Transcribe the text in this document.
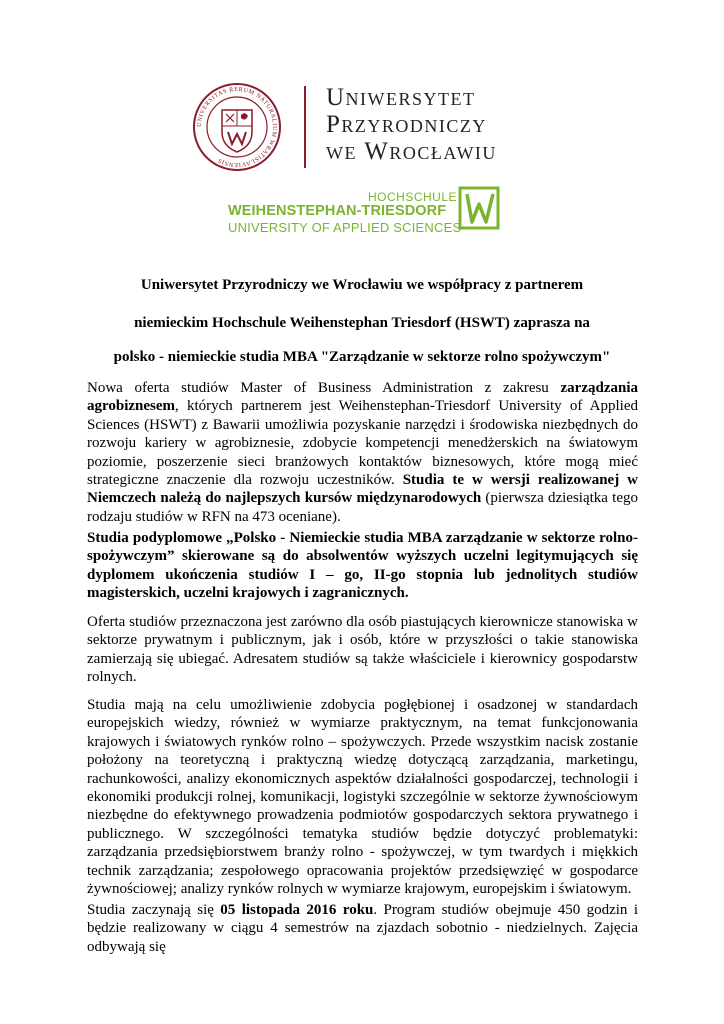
UNIVERSITAS RERUM NATURALIUM WRATISLAVIENSIS
Uniwersytet
Przyrodniczy
we Wrocławiu
HOCHSCHULE
WEIHENSTEPHAN-TRIESDORF
UNIVERSITY OF APPLIED SCIENCES
Uniwersytet Przyrodniczy we Wrocławiu we współpracy z partnerem
niemieckim Hochschule Weihenstephan Triesdorf (HSWT) zaprasza na
polsko - niemieckie studia MBA "Zarządzanie w sektorze rolno spożywczym"
Nowa oferta studiów Master of Business Administration z zakresu zarządzania agrobiznesem, których partnerem jest Weihenstephan-Triesdorf University of Applied Sciences (HSWT) z Bawarii umożliwia pozyskanie narzędzi i środowiska niezbędnych do rozwoju kariery w agrobiznesie, zdobycie kompetencji menedżerskich na światowym poziomie, poszerzenie sieci branżowych kontaktów biznesowych, które mogą mieć strategiczne znaczenie dla rozwoju uczestników. Studia te w wersji realizowanej w Niemczech należą do najlepszych kursów międzynarodowych (pierwsza dziesiątka tego rodzaju studiów w RFN na 473 oceniane).
Studia podyplomowe „Polsko - Niemieckie studia MBA zarządzanie w sektorze rolno-spożywczym” skierowane są do absolwentów wyższych uczelni legitymujących się dyplomem ukończenia studiów I – go, II-go stopnia lub jednolitych studiów magisterskich, uczelni krajowych i zagranicznych.
Oferta studiów przeznaczona jest zarówno dla osób piastujących kierownicze stanowiska w sektorze prywatnym i publicznym, jak i osób, które w przyszłości o takie stanowiska zamierzają się ubiegać. Adresatem studiów są także właściciele i kierownicy gospodarstw rolnych.
Studia mają na celu umożliwienie zdobycia pogłębionej i osadzonej w standardach europejskich wiedzy, również w wymiarze praktycznym, na temat funkcjonowania krajowych i światowych rynków rolno – spożywczych. Przede wszystkim nacisk zostanie położony na teoretyczną i praktyczną wiedzę dotyczącą zarządzania, marketingu, rachunkowości, analizy ekonomicznych aspektów działalności gospodarczej, technologii i ekonomiki produkcji rolnej, komunikacji, logistyki szczególnie w sektorze żywnościowym niezbędne do efektywnego prowadzenia podmiotów gospodarczych sektora prywatnego i publicznego. W szczególności tematyka studiów będzie dotyczyć problematyki: zarządzania przedsiębiorstwem branży rolno - spożywczej, w tym twardych i miękkich technik zarządzania; zespołowego opracowania projektów przedsięwzięć w gospodarce żywnościowej; analizy rynków rolnych w wymiarze krajowym, europejskim i światowym.
Studia zaczynają się 05 listopada 2016 roku. Program studiów obejmuje 450 godzin i będzie realizowany w ciągu 4 semestrów na zjazdach sobotnio - niedzielnych. Zajęcia odbywają się
